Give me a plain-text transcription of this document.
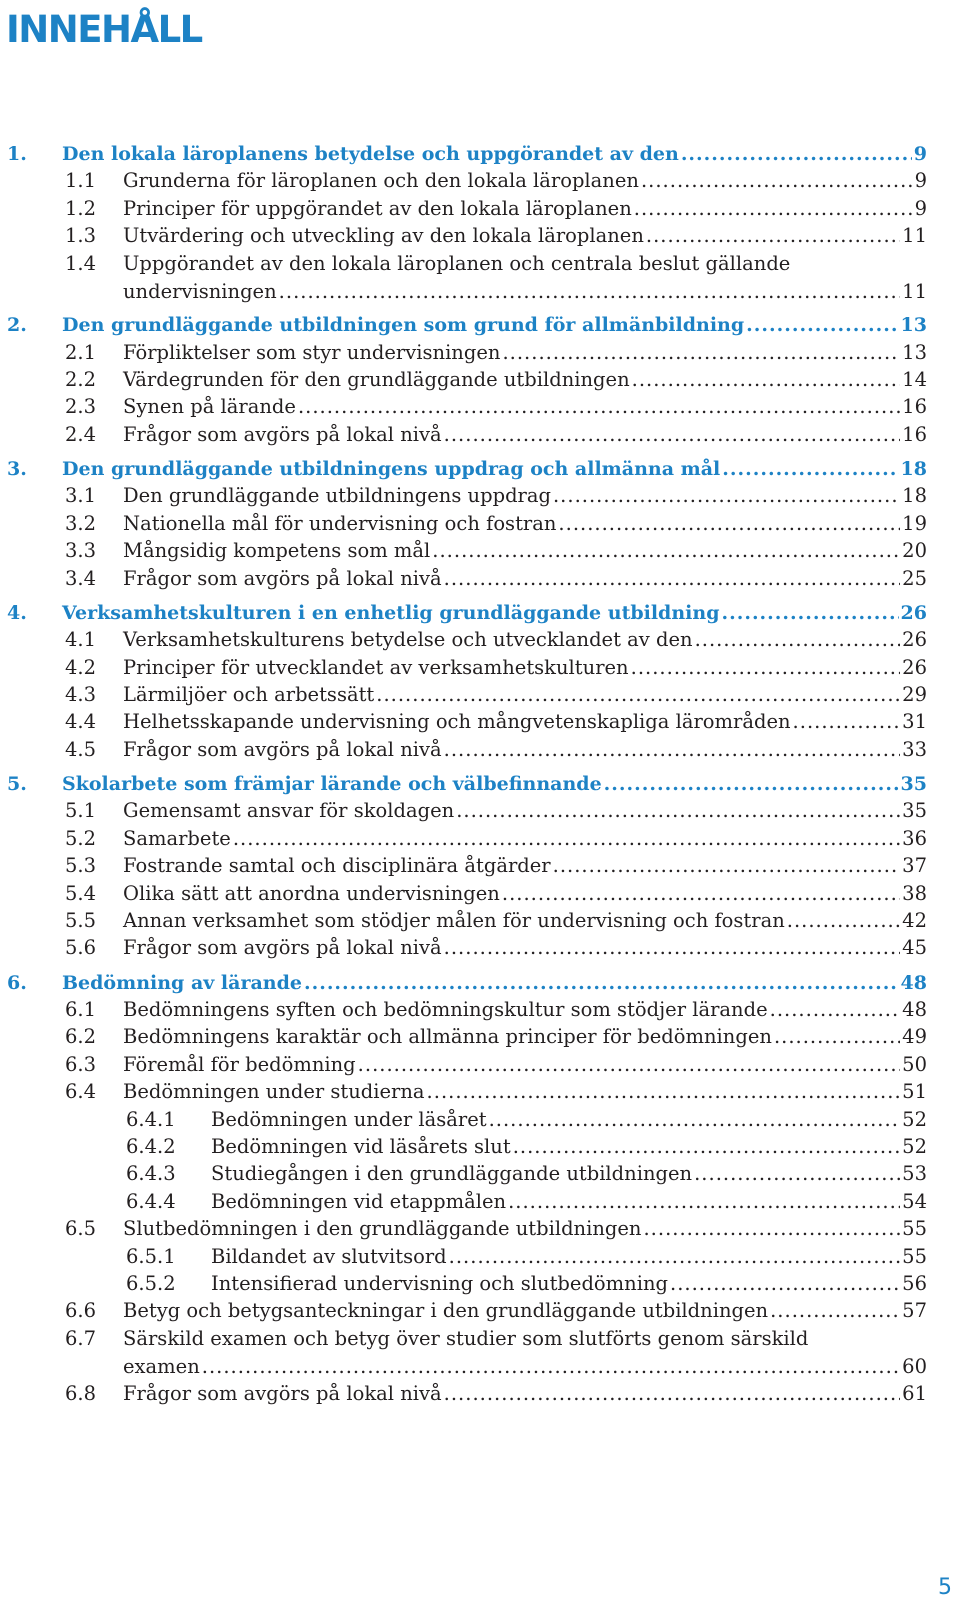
INNEHÅLL
1. Den lokala läroplanens betydelse och uppgörandet av den .....	9
1.1 Grunderna för läroplanen och den lokala läroplanen .....	9
1.2 Principer för uppgörandet av den lokala läroplanen .....	9
1.3 Utvärdering och utveckling av den lokala läroplanen .....	11
1.4 Uppgörandet av den lokala läroplanen och centrala beslut gällande
undervisningen .....	11
2. Den grundläggande utbildningen som grund för allmänbildning .....	13
2.1 Förpliktelser som styr undervisningen .....	13
2.2 Värdegrunden för den grundläggande utbildningen .....	14
2.3 Synen på lärande .....	16
2.4 Frågor som avgörs på lokal nivå .....	16
3. Den grundläggande utbildningens uppdrag och allmänna mål .....	18
3.1 Den grundläggande utbildningens uppdrag .....	18
3.2 Nationella mål för undervisning och fostran .....	19
3.3 Mångsidig kompetens som mål .....	20
3.4 Frågor som avgörs på lokal nivå .....	25
4. Verksamhetskulturen i en enhetlig grundläggande utbildning .....	26
4.1 Verksamhetskulturens betydelse och utvecklandet av den .....	26
4.2 Principer för utvecklandet av verksamhetskulturen .....	26
4.3 Lärmiljöer och arbetssätt .....	29
4.4 Helhetsskapande undervisning och mångvetenskapliga lärområden .....	31
4.5 Frågor som avgörs på lokal nivå .....	33
5. Skolarbete som främjar lärande och välbefinnande .....	35
5.1 Gemensamt ansvar för skoldagen .....	35
5.2 Samarbete .....	36
5.3 Fostrande samtal och disciplinära åtgärder .....	37
5.4 Olika sätt att anordna undervisningen .....	38
5.5 Annan verksamhet som stödjer målen för undervisning och fostran .....	42
5.6 Frågor som avgörs på lokal nivå .....	45
6. Bedömning av lärande .....	48
6.1 Bedömningens syften och bedömningskultur som stödjer lärande .....	48
6.2 Bedömningens karaktär och allmänna principer för bedömningen .....	49
6.3 Föremål för bedömning .....	50
6.4 Bedömningen under studierna .....	51
6.4.1 Bedömningen under läsåret .....	52
6.4.2 Bedömningen vid läsårets slut .....	52
6.4.3 Studiegången i den grundläggande utbildningen .....	53
6.4.4 Bedömningen vid etappmålen .....	54
6.5 Slutbedömningen i den grundläggande utbildningen .....	55
6.5.1 Bildandet av slutvitsord .....	55
6.5.2 Intensifierad undervisning och slutbedömning .....	56
6.6 Betyg och betygsanteckningar i den grundläggande utbildningen .....	57
6.7 Särskild examen och betyg över studier som slutförts genom särskild
examen .....	60
6.8 Frågor som avgörs på lokal nivå .....	61
5
